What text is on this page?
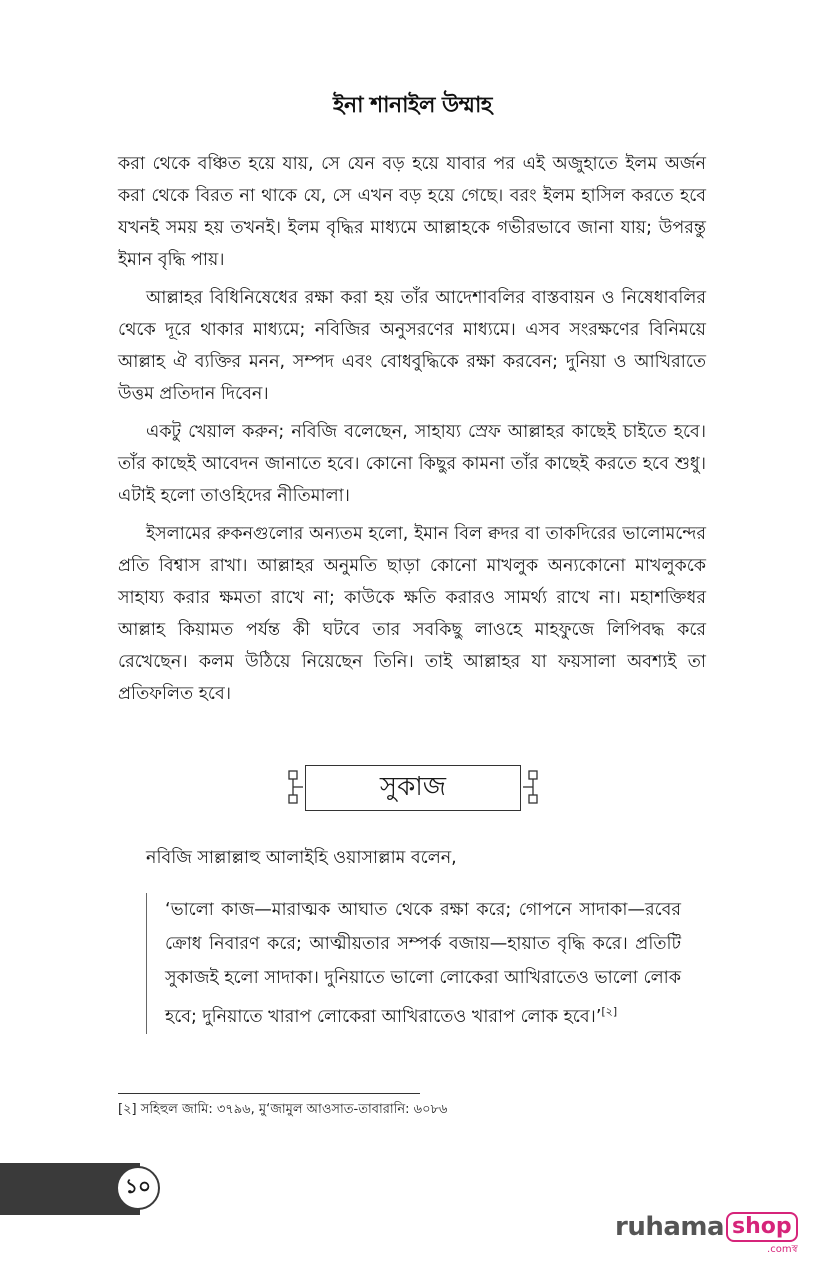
ইনা শানাইল উম্মাহ

করা থেকে বঞ্চিত হয়ে যায়, সে যেন বড় হয়ে যাবার পর এই অজুহাতে ইলম অর্জন করা থেকে বিরত না থাকে যে, সে এখন বড় হয়ে গেছে। বরং ইলম হাসিল করতে হবে যখনই সময় হয় তখনই। ইলম বৃদ্ধির মাধ্যমে আল্লাহকে গভীরভাবে জানা যায়; উপরন্তু ইমান বৃদ্ধি পায়।

আল্লাহর বিধিনিষেধের রক্ষা করা হয় তাঁর আদেশাবলির বাস্তবায়ন ও নিষেধাবলির থেকে দূরে থাকার মাধ্যমে; নবিজির অনুসরণের মাধ্যমে। এসব সংরক্ষণের বিনিময়ে আল্লাহ ঐ ব্যক্তির মনন, সম্পদ এবং বোধবুদ্ধিকে রক্ষা করবেন; দুনিয়া ও আখিরাতে উত্তম প্রতিদান দিবেন।

একটু খেয়াল করুন; নবিজি বলেছেন, সাহায্য স্রেফ আল্লাহর কাছেই চাইতে হবে। তাঁর কাছেই আবেদন জানাতে হবে। কোনো কিছুর কামনা তাঁর কাছেই করতে হবে শুধু। এটাই হলো তাওহিদের নীতিমালা।

ইসলামের রুকনগুলোর অন্যতম হলো, ইমান বিল ক্বদর বা তাকদিরের ভালোমন্দের প্রতি বিশ্বাস রাখা। আল্লাহর অনুমতি ছাড়া কোনো মাখলুক অন্যকোনো মাখলুককে সাহায্য করার ক্ষমতা রাখে না; কাউকে ক্ষতি করারও সামর্থ্য রাখে না। মহাশক্তিধর আল্লাহ কিয়ামত পর্যন্ত কী ঘটবে তার সবকিছু লাওহে মাহফুজে লিপিবদ্ধ করে রেখেছেন। কলম উঠিয়ে নিয়েছেন তিনি। তাই আল্লাহর যা ফয়সালা অবশ্যই তা প্রতিফলিত হবে।

সুকাজ
নবিজি সাল্লাল্লাহু আলাইহি ওয়াসাল্লাম বলেন,
‘ভালো কাজ—মারাত্মক আঘাত থেকে রক্ষা করে; গোপনে সাদাকা—রবের ক্রোধ নিবারণ করে; আত্মীয়তার সম্পর্ক বজায়—হায়াত বৃদ্ধি করে। প্রতিটি সুকাজই হলো সাদাকা। দুনিয়াতে ভালো লোকেরা আখিরাতেও ভালো লোক হবে; দুনিয়াতে খারাপ লোকেরা আখিরাতেও খারাপ লোক হবে।’[২]
[২] সহিহুল জামি: ৩৭৯৬, মু‘জামুল আওসাত-তাবারানি: ৬০৮৬
১০
ruhama shop
.comস্ব
